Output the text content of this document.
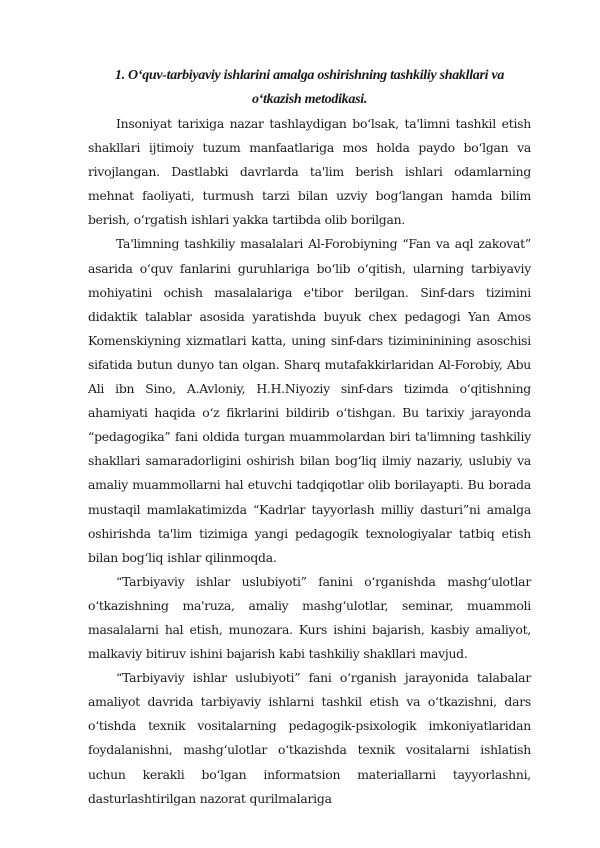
1. O‘quv-tarbiyaviy ishlarini amalga oshirishning tashkiliy shakllari va
o‘tkazish metodikasi.

Insoniyat tarixiga nazar tashlaydigan bo‘lsak, ta'limni tashkil etish shakllari ijtimoiy tuzum manfaatlariga mos holda paydo bo‘lgan va rivojlangan. Dastlabki davrlarda ta'lim berish ishlari odamlarning mehnat faoliyati, turmush tarzi bilan uzviy bog‘langan hamda bilim berish, o‘rgatish ishlari yakka tartibda olib borilgan.

Ta'limning tashkiliy masalalari Al-Forobiyning “Fan va aql zakovat” asarida o‘quv fanlarini guruhlariga bo‘lib o‘qitish, ularning tarbiyaviy mohiyatini ochish masalalariga e'tibor berilgan. Sinf-dars tizimini didaktik talablar asosida yaratishda buyuk chex pedagogi Yan Amos Komenskiyning xizmatlari katta, uning sinf-dars tizimininining asoschisi sifatida butun dunyo tan olgan. Sharq mutafakkirlaridan Al-Forobiy, Abu Ali ibn Sino, A.Avloniy, H.H.Niyoziy sinf-dars tizimda o‘qitishning ahamiyati haqida o‘z fikrlarini bildirib o‘tishgan. Bu tarixiy jarayonda “pedagogika” fani oldida turgan muammolardan biri ta'limning tashkiliy shakllari samaradorligini oshirish bilan bog‘liq ilmiy nazariy, uslubiy va amaliy muammollarni hal etuvchi tadqiqotlar olib borilayapti. Bu borada mustaqil mamlakatimizda “Kadrlar tayyorlash milliy dasturi”ni amalga oshirishda ta'lim tizimiga yangi pedagogik texnologiyalar tatbiq etish bilan bog‘liq ishlar qilinmoqda.

“Tarbiyaviy ishlar uslubiyoti” fanini o‘rganishda mashg‘ulotlar o‘tkazishning ma'ruza, amaliy mashg‘ulotlar, seminar, muammoli masalalarni hal etish, munozara. Kurs ishini bajarish, kasbiy amaliyot, malkaviy bitiruv ishini bajarish kabi tashkiliy shakllari mavjud.

“Tarbiyaviy ishlar uslubiyoti” fani o‘rganish jarayonida talabalar amaliyot davrida tarbiyaviy ishlarni tashkil etish va o‘tkazishni, dars o‘tishda texnik vositalarning pedagogik-psixologik imkoniyatlaridan foydalanishni, mashg‘ulotlar o‘tkazishda texnik vositalarni ishlatish uchun kerakli bo‘lgan informatsion materiallarni tayyorlashni, dasturlashtirilgan nazorat qurilmalariga
